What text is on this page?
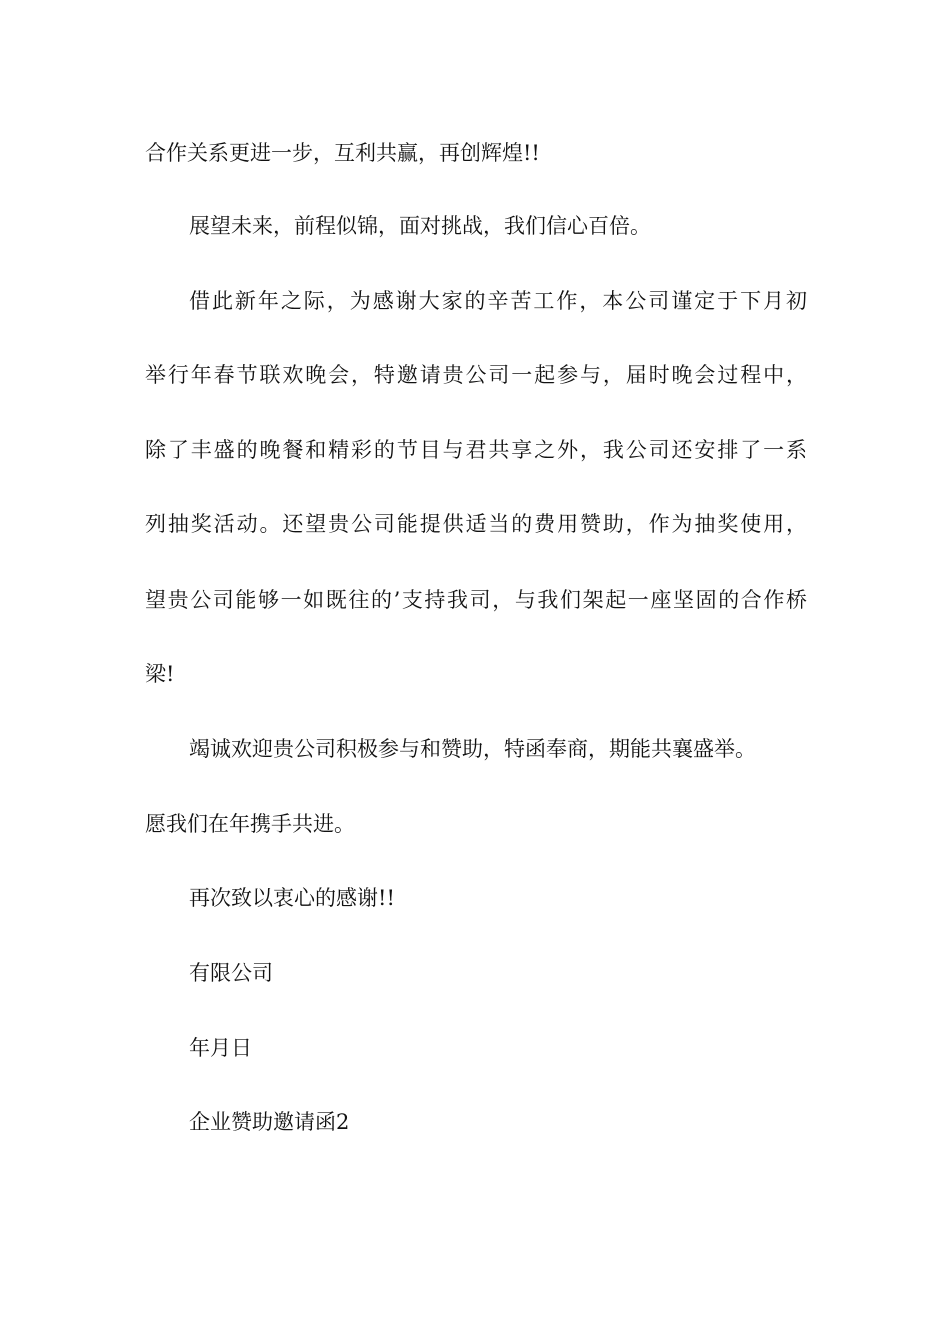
合作关系更进一步，互利共赢，再创辉煌!!
展望未来，前程似锦，面对挑战，我们信心百倍。
借此新年之际，为感谢大家的辛苦工作，本公司谨定于下月初
举行年春节联欢晚会，特邀请贵公司一起参与，届时晚会过程中，
除了丰盛的晚餐和精彩的节目与君共享之外，我公司还安排了一系
列抽奖活动。还望贵公司能提供适当的费用赞助，作为抽奖使用，
望贵公司能够一如既往的’支持我司，与我们架起一座坚固的合作桥
梁!
竭诚欢迎贵公司积极参与和赞助，特函奉商，期能共襄盛举。
愿我们在年携手共进。
再次致以衷心的感谢!!
有限公司
年月日
企业赞助邀请函2
